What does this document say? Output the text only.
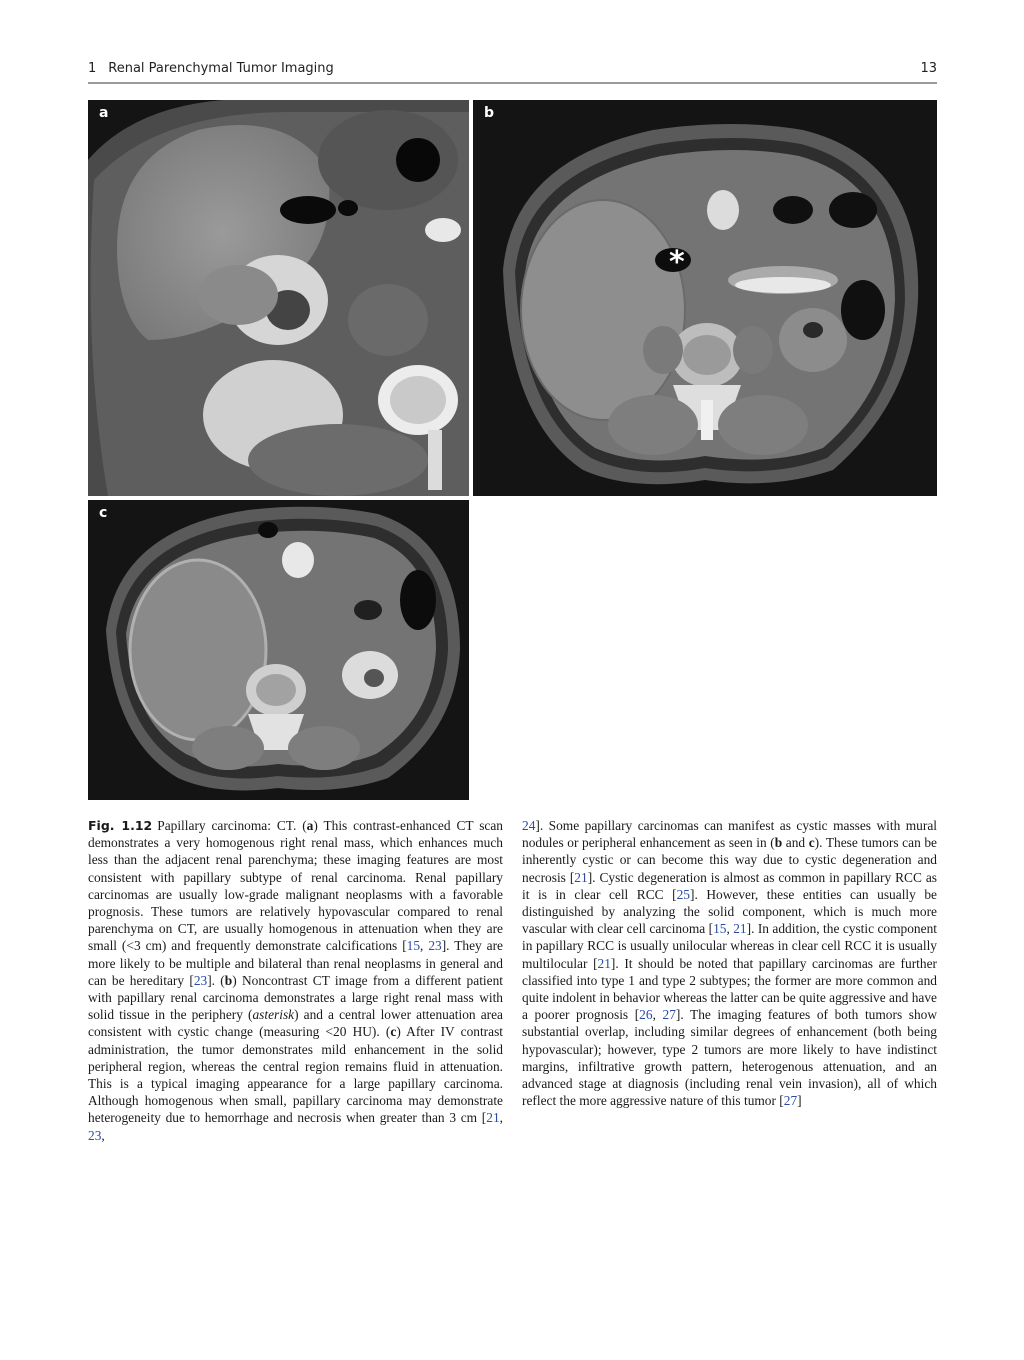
1 Renal Parenchymal Tumor Imaging	13
a
*
b
c
Fig. 1.12 Papillary carcinoma: CT. (a) This contrast-enhanced CT scan demonstrates a very homogenous right renal mass, which enhances much less than the adjacent renal parenchyma; these imaging features are most consistent with papillary subtype of renal carcinoma. Renal papillary carcinomas are usually low-grade malignant neoplasms with a favorable prognosis. These tumors are relatively hypovascular compared to renal parenchyma on CT, are usually homogenous in attenuation when they are small (<3 cm) and frequently demonstrate calcifications [15, 23]. They are more likely to be multiple and bilateral than renal neoplasms in general and can be hereditary [23]. (b) Noncontrast CT image from a different patient with papillary renal carcinoma demonstrates a large right renal mass with solid tissue in the periphery (asterisk) and a central lower attenuation area consistent with cystic change (measuring <20 HU). (c) After IV contrast administration, the tumor demonstrates mild enhancement in the solid peripheral region, whereas the central region remains fluid in attenuation. This is a typical imaging appearance for a large papillary carcinoma. Although homogenous when small, papillary carcinoma may demonstrate heterogeneity due to hemorrhage and necrosis when greater than 3 cm [21, 23,
24]. Some papillary carcinomas can manifest as cystic masses with mural nodules or peripheral enhancement as seen in (b and c). These tumors can be inherently cystic or can become this way due to cystic degeneration and necrosis [21]. Cystic degeneration is almost as common in papillary RCC as it is in clear cell RCC [25]. However, these entities can usually be distinguished by analyzing the solid component, which is much more vascular with clear cell carcinoma [15, 21]. In addition, the cystic component in papillary RCC is usually unilocular whereas in clear cell RCC it is usually multilocular [21]. It should be noted that papillary carcinomas are further classified into type 1 and type 2 subtypes; the former are more common and quite indolent in behavior whereas the latter can be quite aggressive and have a poorer prognosis [26, 27]. The imaging features of both tumors show substantial overlap, including similar degrees of enhancement (both being hypovascular); however, type 2 tumors are more likely to have indistinct margins, infiltrative growth pattern, heterogenous attenuation, and an advanced stage at diagnosis (including renal vein invasion), all of which reflect the more aggressive nature of this tumor [27]
